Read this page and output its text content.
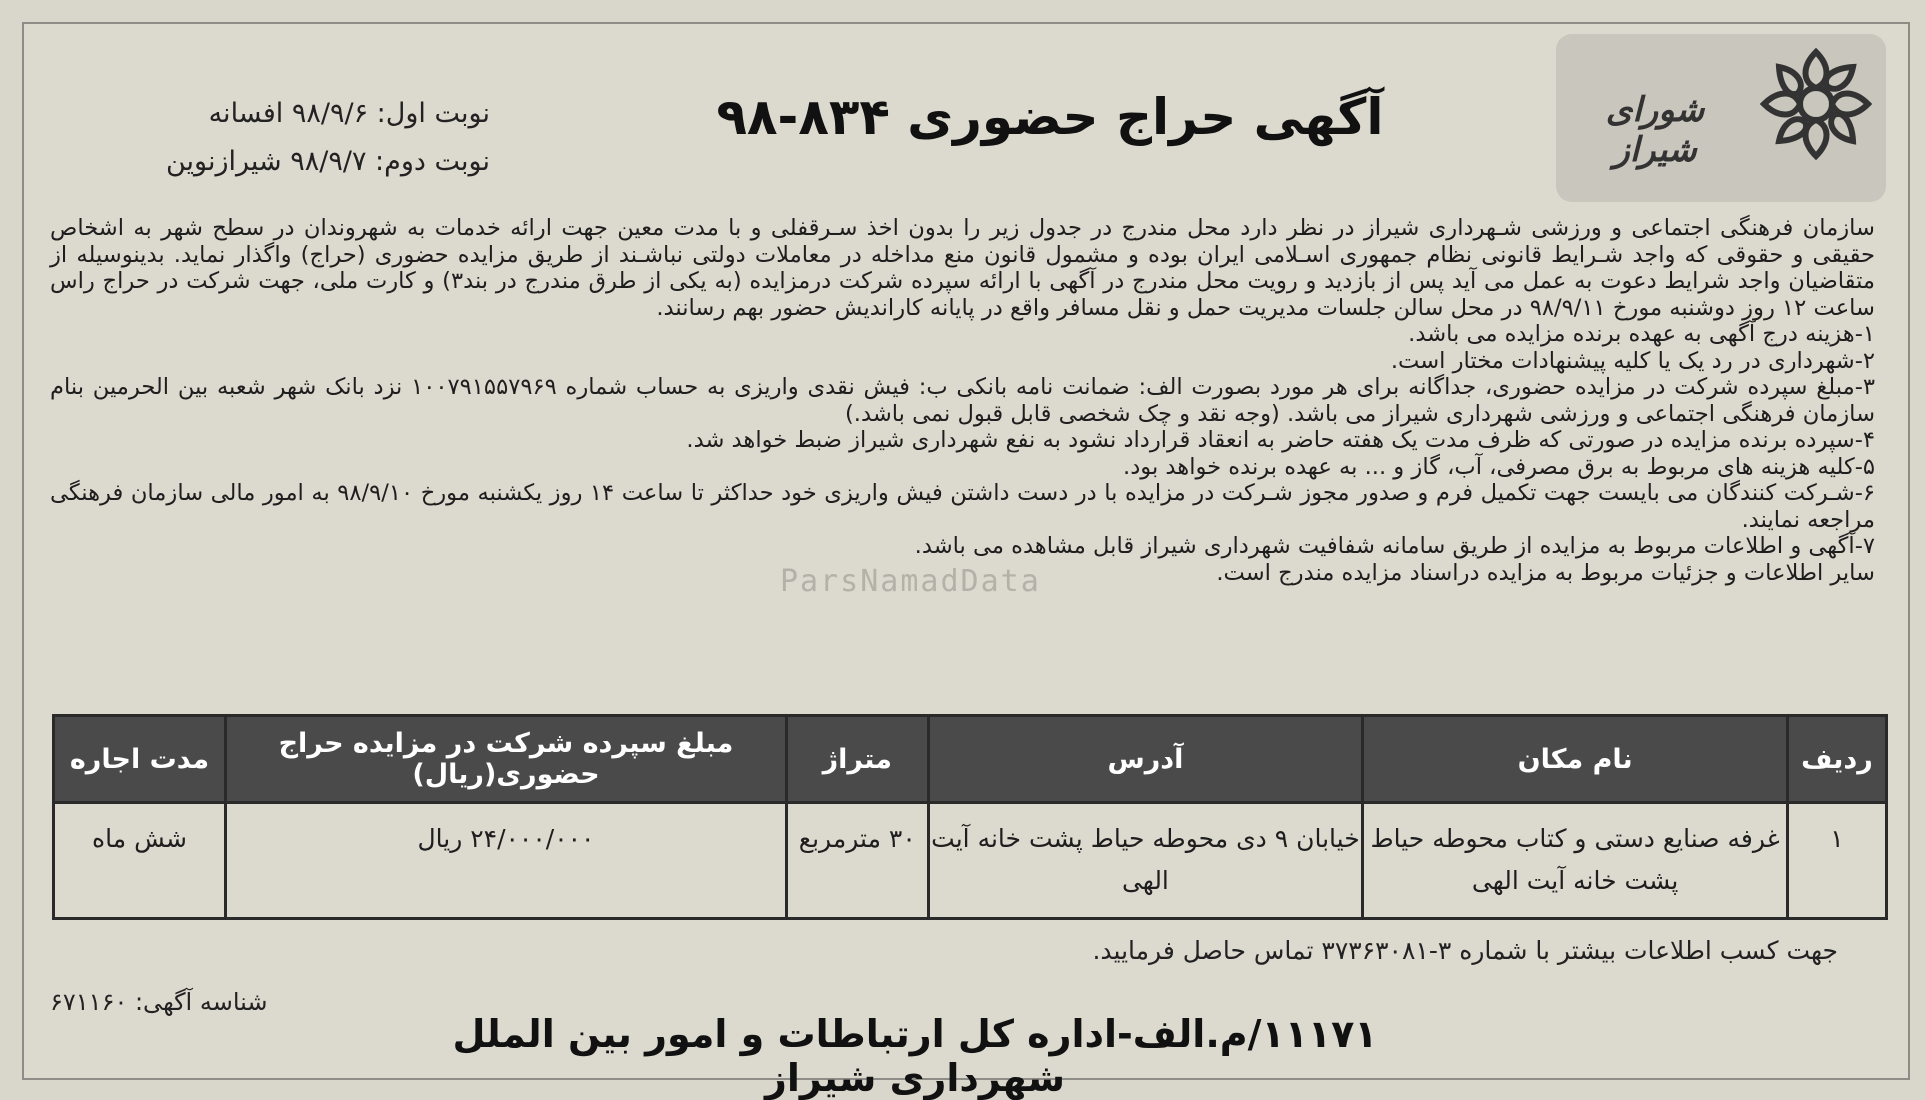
شورای شیراز
آگهی حراج حضوری ۸۳۴-۹۸
نوبت اول: ۹۸/۹/۶ افسانه
نوبت دوم: ۹۸/۹/۷ شیرازنوین
ParsNamadData

سازمان فرهنگی اجتماعی و ورزشی شـهرداری شیراز در نظر دارد محل مندرج در جدول زیر را بدون اخذ سـرقفلی و با مدت معین جهت ارائه خدمات به شهروندان در سطح شهر به اشخاص حقیقی و حقوقی که واجد شـرایط قانونی نظام جمهوری اسـلامی ایران بوده و مشمول قانون منع مداخله در معاملات دولتی نباشـند از طریق مزایده حضوری (حراج) واگذار نماید. بدینوسیله از متقاضیان واجد شرایط دعوت به عمل می آید پس از بازدید و رویت محل مندرج در آگهی با ارائه سپرده شرکت درمزایده (به یکی از طرق مندرج در بند۳) و کارت ملی، جهت شرکت در حراج راس ساعت ۱۲ روز دوشنبه مورخ ۹۸/۹/۱۱ در محل سالن جلسات مدیریت حمل و نقل مسافر واقع در پایانه کاراندیش حضور بهم رسانند.

۱-هزینه درج آگهی به عهده برنده مزایده می باشد.

۲-شهرداری در رد یک یا کلیه پیشنهادات مختار است.

۳-مبلغ سپرده شرکت در مزایده حضوری، جداگانه برای هر مورد بصورت الف: ضمانت نامه بانکی ب: فیش نقدی واریزی به حساب شماره ۱۰۰۷۹۱۵۵۷۹۶۹ نزد بانک شهر شعبه بین الحرمین بنام سازمان فرهنگی اجتماعی و ورزشی شهرداری شیراز می باشد. (وجه نقد و چک شخصی قابل قبول نمی باشد.)

۴-سپرده برنده مزایده در صورتی که ظرف مدت یک هفته حاضر به انعقاد قرارداد نشود به نفع شهرداری شیراز ضبط خواهد شد.

۵-کلیه هزینه های مربوط به برق مصرفی، آب، گاز و ... به عهده برنده خواهد بود.

۶-شـرکت کنندگان می بایست جهت تکمیل فرم و صدور مجوز شـرکت در مزایده با در دست داشتن فیش واریزی خود حداکثر تا ساعت ۱۴ روز یکشنبه مورخ ۹۸/۹/۱۰ به امور مالی سازمان فرهنگی مراجعه نمایند.

۷-آگهی و اطلاعات مربوط به مزایده از طریق سامانه شفافیت شهرداری شیراز قابل مشاهده می باشد.

سایر اطلاعات و جزئیات مربوط به مزایده دراسناد مزایده مندرج است.

ردیف	نام مکان	آدرس	متراژ	مبلغ سپرده شرکت در مزایده حراج حضوری(ریال)	مدت اجاره
۱	غرفه صنایع دستی و کتاب محوطه حیاط پشت خانه آیت الهی	خیابان ۹ دی محوطه حیاط پشت خانه آیت الهی	۳۰ مترمربع	۲۴/۰۰۰/۰۰۰ ریال	شش ماه
جهت کسب اطلاعات بیشتر با شماره ۳-۳۷۳۶۳۰۸۱ تماس حاصل فرمایید.
شناسه آگهی: ۶۷۱۱۶۰
۱۱۱۷۱/م.الف-اداره کل ارتباطات و امور بین الملل شهرداری شیراز
